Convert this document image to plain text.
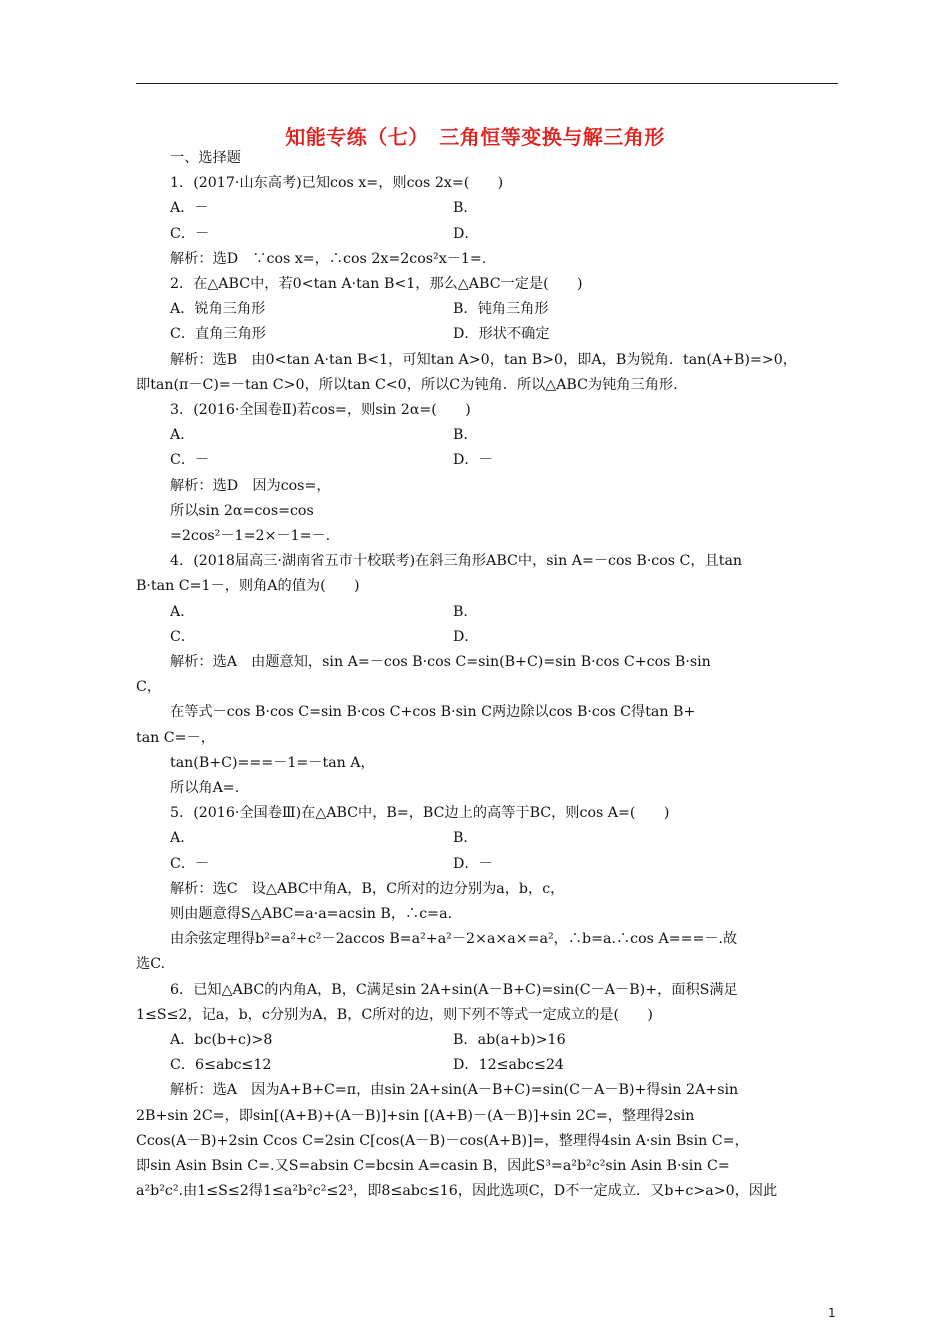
知能专练（七）　三角恒等变换与解三角形
一、选择题
1．(2017·山东高考)已知cos x=，则cos 2x=(　　)
A．－	B．
C．－	D．
解析：选D　∵cos x=，∴cos 2x=2cos²x－1=.
2．在△ABC中，若0<tan A·tan B<1，那么△ABC一定是(　　)
A．锐角三角形	B．钝角三角形
C．直角三角形	D．形状不确定
解析：选B　由0<tan A·tan B<1，可知tan A>0，tan B>0，即A，B为锐角．tan(A+B)=>0，
即tan(π－C)=－tan C>0，所以tan C<0，所以C为钝角．所以△ABC为钝角三角形.
3．(2016·全国卷Ⅱ)若cos=，则sin 2α=(　　)
A．	B．
C．－	D．－
解析：选D　因为cos=，
所以sin 2α=cos=cos
=2cos²－1=2×－1=－.
4．(2018届高三·湖南省五市十校联考)在斜三角形ABC中，sin A=－cos B·cos C，且tan
B·tan C=1－，则角A的值为(　　)
A．	B．
C．	D．
解析：选A　由题意知，sin A=－cos B·cos C=sin(B+C)=sin B·cos C+cos B·sin
C，
在等式－cos B·cos C=sin B·cos C+cos B·sin C两边除以cos B·cos C得tan B+
tan C=－，
tan(B+C)===－1=－tan A，
所以角A=.
5．(2016·全国卷Ⅲ)在△ABC中，B=，BC边上的高等于BC，则cos A=(　　)
A．	B．
C．－	D．－
解析：选C　设△ABC中角A，B，C所对的边分别为a，b，c，
则由题意得S△ABC=a·a=acsin B，∴c=a.
由余弦定理得b²=a²+c²－2accos B=a²+a²－2×a×a×=a²，∴b=a.∴cos A===－.故
选C.
6．已知△ABC的内角A，B，C满足sin 2A+sin(A－B+C)=sin(C－A－B)+，面积S满足
1≤S≤2，记a，b，c分别为A，B，C所对的边，则下列不等式一定成立的是(　　)
A．bc(b+c)>8	B．ab(a+b)>16
C．6≤abc≤12	D．12≤abc≤24
解析：选A　因为A+B+C=π，由sin 2A+sin(A－B+C)=sin(C－A－B)+得sin 2A+sin
2B+sin 2C=，即sin[(A+B)+(A－B)]+sin [(A+B)－(A－B)]+sin 2C=，整理得2sin
Ccos(A－B)+2sin Ccos C=2sin C[cos(A－B)－cos(A+B)]=，整理得4sin A·sin Bsin C=，
即sin Asin Bsin C=.又S=absin C=bcsin A=casin B，因此S³=a²b²c²sin Asin B·sin C=
a²b²c².由1≤S≤2得1≤a²b²c²≤2³，即8≤abc≤16，因此选项C，D不一定成立．又b+c>a>0，因此
1
